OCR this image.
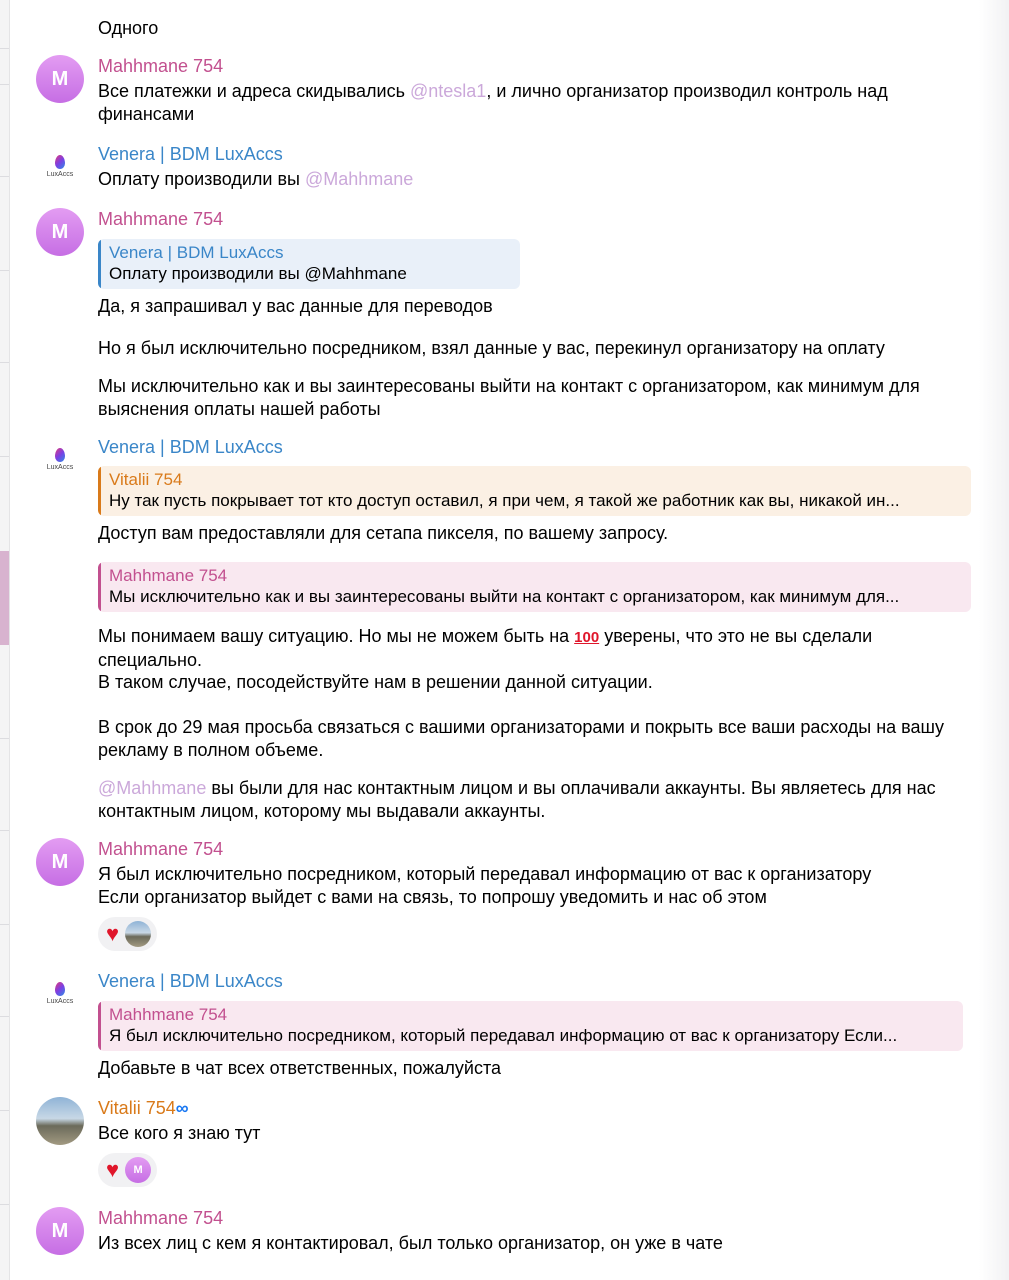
Одного
M
Mahhmane 754
Все платежки и адреса скидывались @ntesla1, и лично организатор производил контроль над финансами
LuxAccs
Venera | BDM LuxAccs
Оплату производили вы @Mahhmane
M
Mahhmane 754
Venera | BDM LuxAccs
Оплату производили вы @Mahhmane
Да, я запрашивал у вас данные для переводов
Но я был исключительно посредником, взял данные у вас, перекинул организатору на оплату
Мы исключительно как и вы заинтересованы выйти на контакт с организатором, как минимум для выяснения оплаты нашей работы
LuxAccs
Venera | BDM LuxAccs
Vitalii 754
Ну так пусть покрывает тот кто доступ оставил, я при чем, я такой же работник как вы, никакой ин...
Доступ вам предоставляли для сетапа пикселя, по вашему запросу.
Mahhmane 754
Мы исключительно как и вы заинтересованы выйти на контакт с организатором, как минимум для...
Мы понимаем вашу ситуацию. Но мы не можем быть на 100 уверены, что это не вы сделали специально.
В таком случае, посодействуйте нам в решении данной ситуации.
В срок до 29 мая просьба связаться с вашими организаторами и покрыть все ваши расходы на вашу рекламу в полном объеме.
@Mahhmane вы были для нас контактным лицом и вы оплачивали аккаунты. Вы являетесь для нас контактным лицом, которому мы выдавали аккаунты.
M
Mahhmane 754
Я был исключительно посредником, который передавал информацию от вас к организатору
Если организатор выйдет с вами на связь, то попрошу уведомить и нас об этом
♥
LuxAccs
Venera | BDM LuxAccs
Mahhmane 754
Я был исключительно посредником, который передавал информацию от вас к организатору Если...
Добавьте в чат всех ответственных, пожалуйста
Vitalii 754∞
Все кого я знаю тут
♥	M
M
Mahhmane 754
Из всех лиц с кем я контактировал, был только организатор, он уже в чате
